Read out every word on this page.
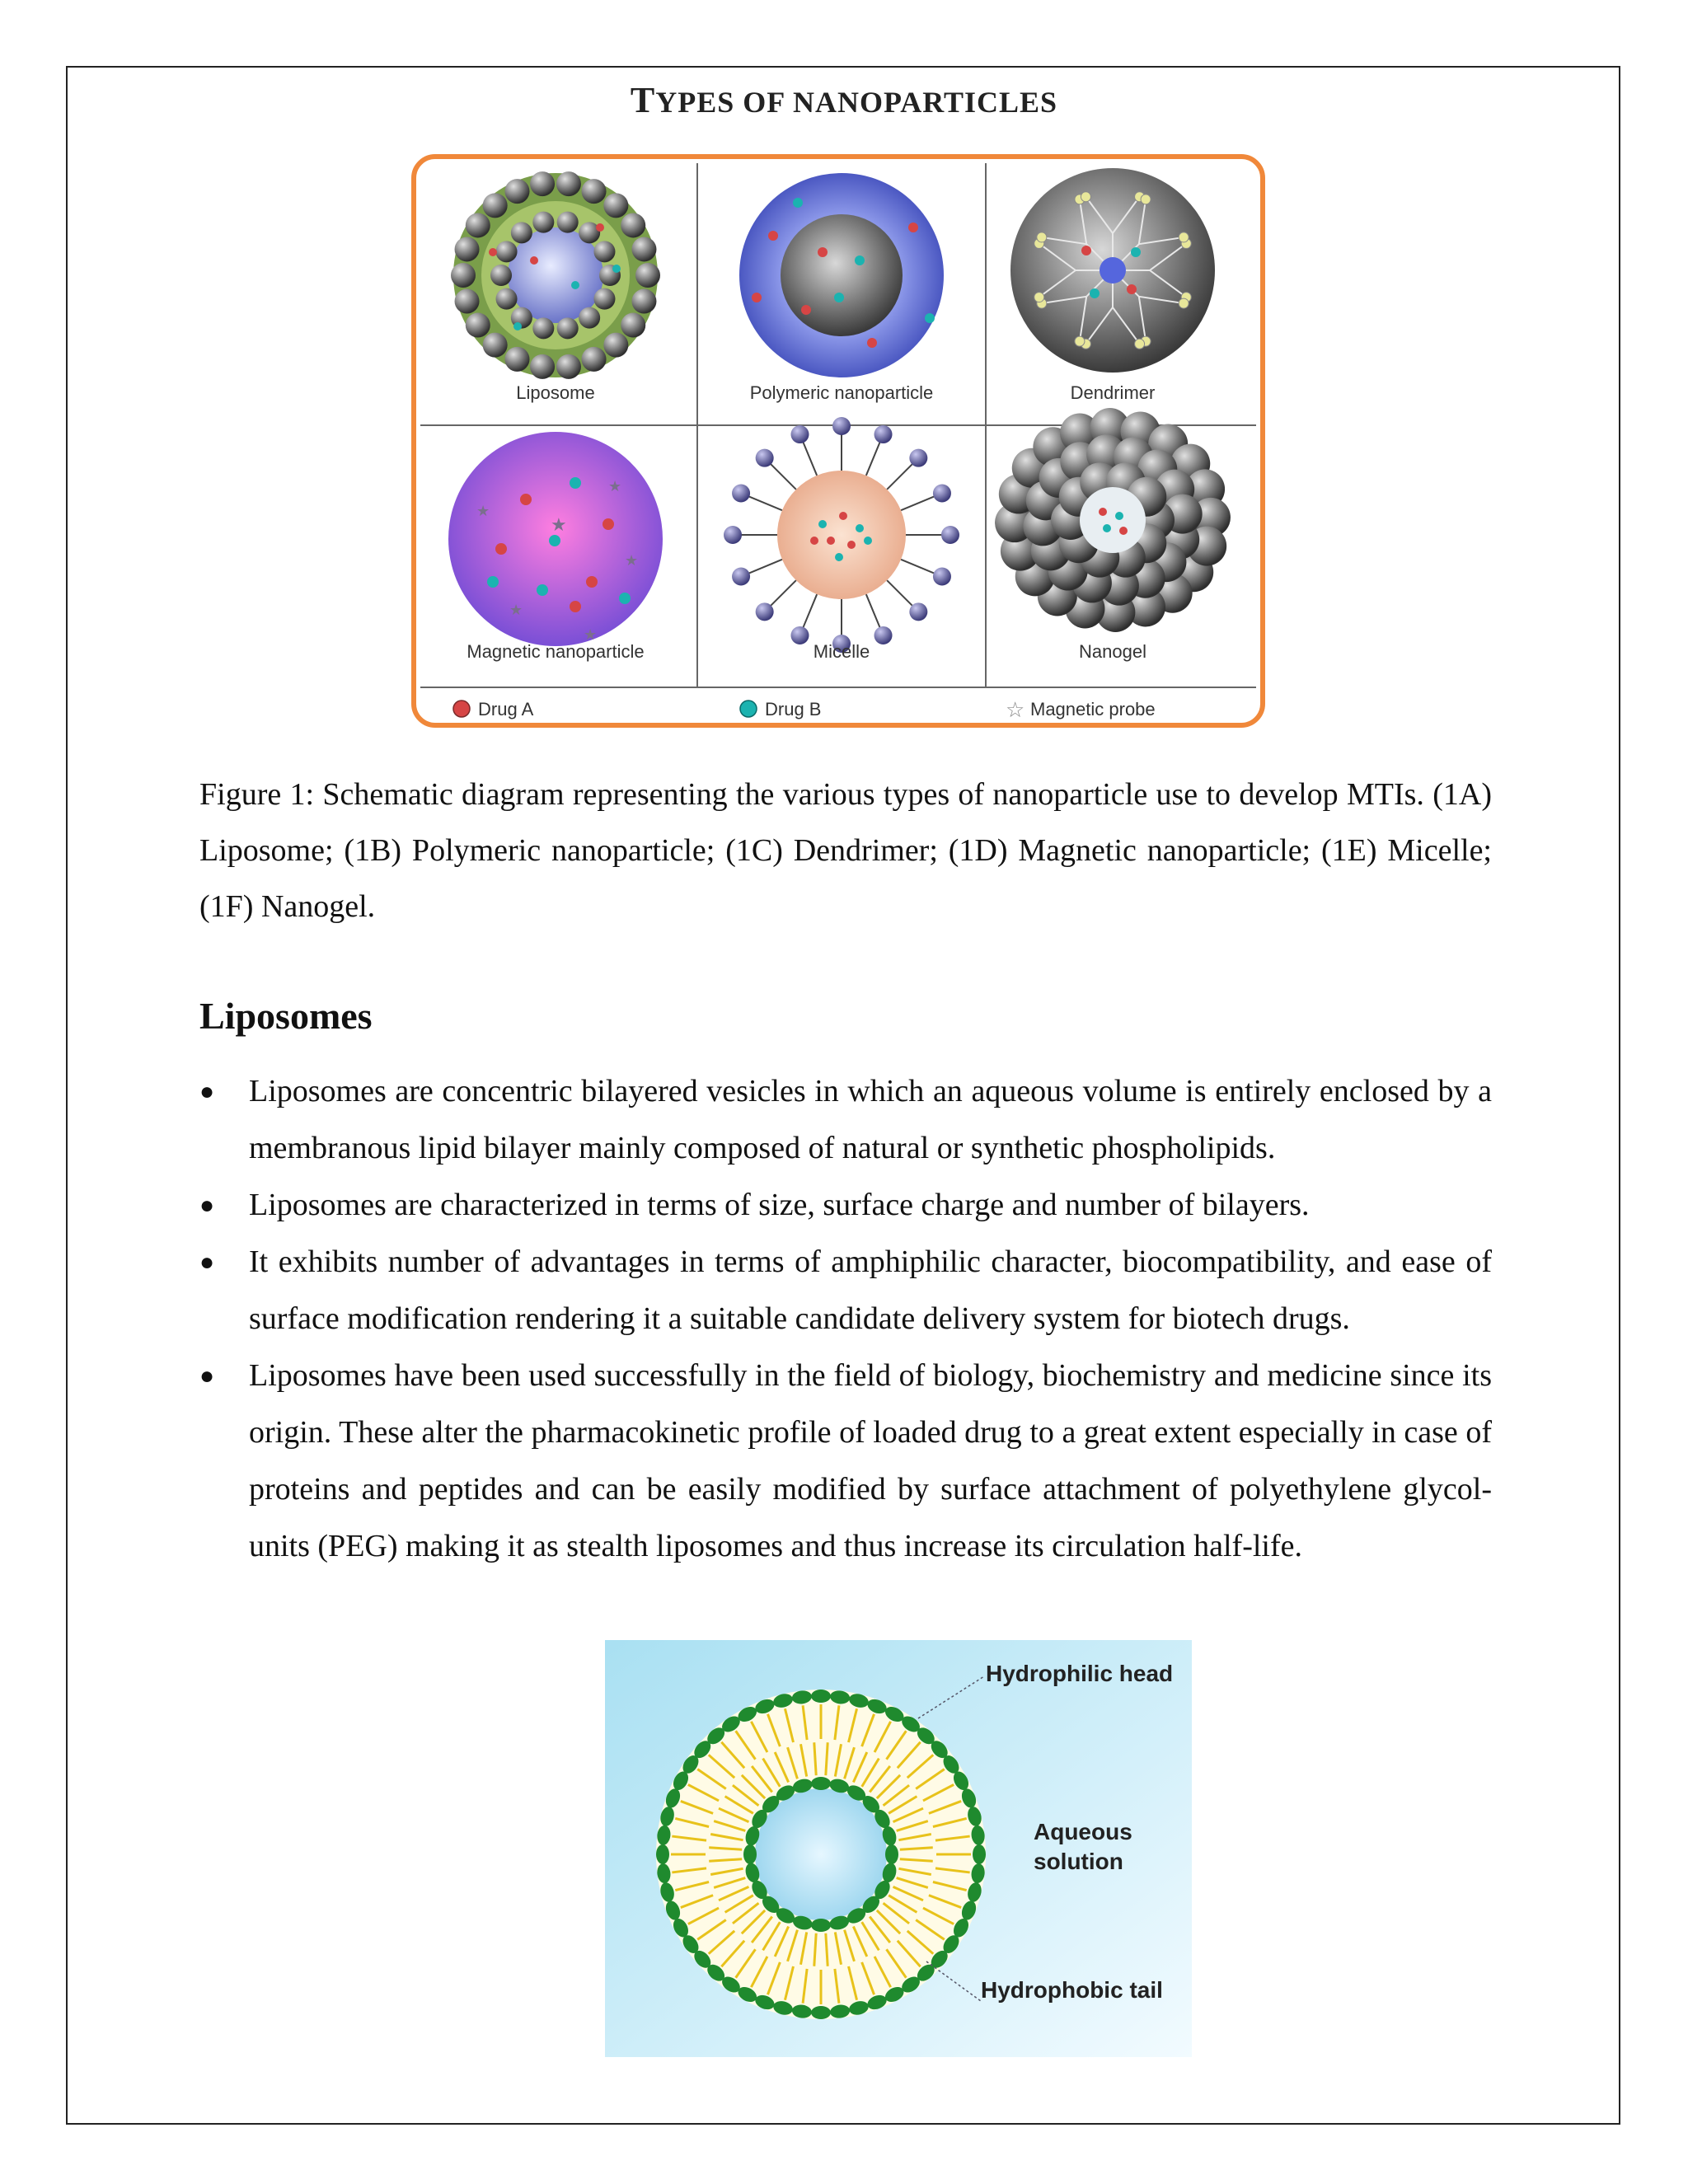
TYPES OF NANOPARTICLES
Liposome	Polymeric nanoparticle	Dendrimer
★
★
★
★
★
★
Magnetic nanoparticle	Micelle	Nanogel
Drug A	Drug B	☆ Magnetic probe
Figure 1: Schematic diagram representing the various types of nanoparticle use to develop MTIs. (1A) Liposome; (1B) Polymeric nanoparticle; (1C) Dendrimer; (1D) Magnetic nanoparticle; (1E) Micelle; (1F) Nanogel.
Liposomes
● Liposomes are concentric bilayered vesicles in which an aqueous volume is entirely enclosed by a membranous lipid bilayer mainly composed of natural or synthetic phospholipids.
● Liposomes are characterized in terms of size, surface charge and number of bilayers.
● It exhibits number of advantages in terms of amphiphilic character, biocompatibility, and ease of surface modification rendering it a suitable candidate delivery system for biotech drugs.
● Liposomes have been used successfully in the field of biology, biochemistry and medicine since its origin. These alter the pharmacokinetic profile of loaded drug to a great extent especially in case of proteins and peptides and can be easily modified by surface attachment of polyethylene glycol-units (PEG) making it as stealth liposomes and thus increase its circulation half-life.
Hydrophilic head
Aqueous
solution
Hydrophobic tail
